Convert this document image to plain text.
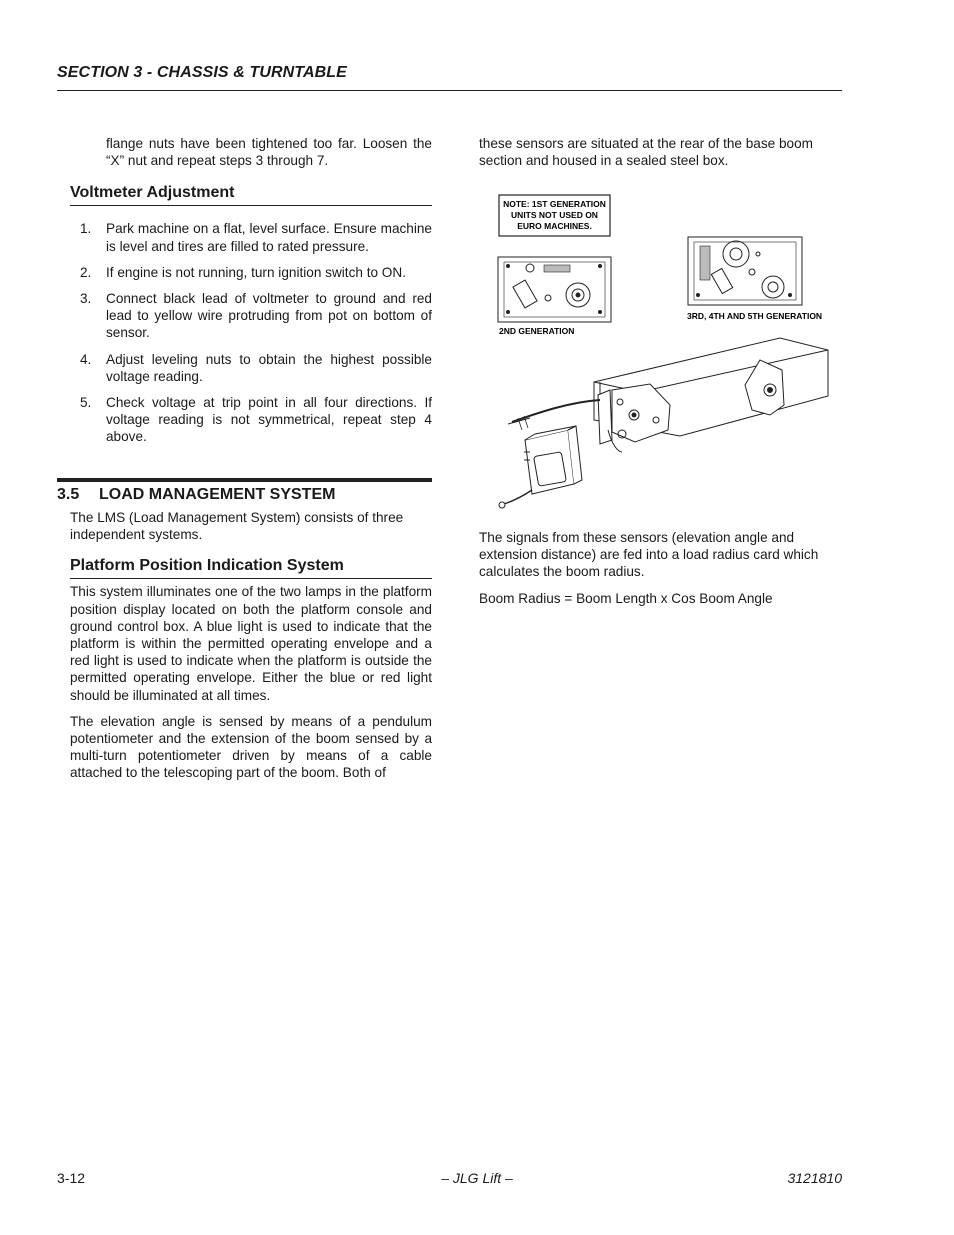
SECTION 3 - CHASSIS & TURNTABLE

flange nuts have been tightened too far. Loosen the “X” nut and repeat steps 3 through 7.

Voltmeter Adjustment
1. Park machine on a flat, level surface. Ensure machine is level and tires are filled to rated pressure.
2. If engine is not running, turn ignition switch to ON.
3. Connect black lead of voltmeter to ground and red lead to yellow wire protruding from pot on bottom of sensor.
4. Adjust leveling nuts to obtain the highest possible voltage reading.
5. Check voltage at trip point in all four directions. If voltage reading is not symmetrical, repeat step 4 above.
3.5 LOAD MANAGEMENT SYSTEM

The LMS (Load Management System) consists of three independent systems.

Platform Position Indication System

This system illuminates one of the two lamps in the platform position display located on both the platform console and ground control box. A blue light is used to indicate that the platform is within the permitted operating envelope and a red light is used to indicate when the platform is outside the permitted operating envelope. Either the blue or red light should be illuminated at all times.

The elevation angle is sensed by means of a pendulum potentiometer and the extension of the boom sensed by a multi-turn potentiometer driven by means of a cable attached to the telescoping part of the boom. Both of

these sensors are situated at the rear of the base boom section and housed in a sealed steel box.

NOTE: 1ST GENERATION
UNITS NOT USED ON
EURO MACHINES.
2ND GENERATION
3RD, 4TH AND 5TH GENERATION

The signals from these sensors (elevation angle and extension distance) are fed into a load radius card which calculates the boom radius.

Boom Radius = Boom Length x Cos Boom Angle

3-12	– JLG Lift –	3121810
